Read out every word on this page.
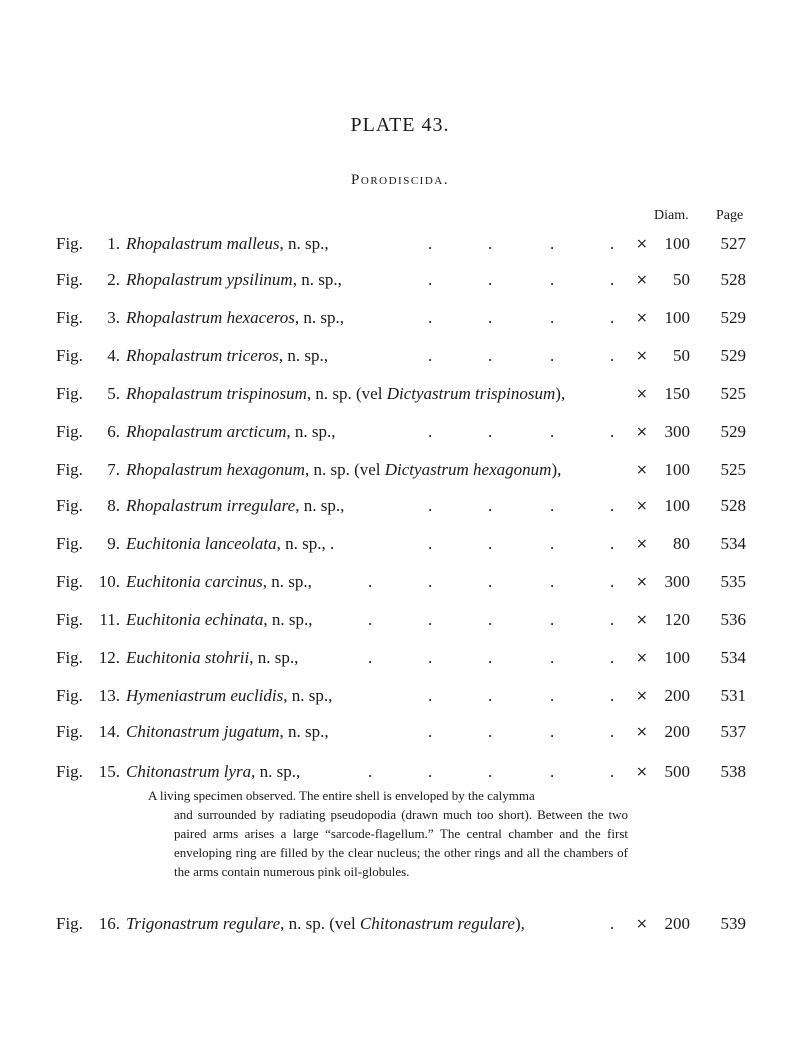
PLATE 43.
Porodiscida.
Diam. Page
Fig.	1. Rhopalastrum malleus, n. sp.,	.	.	.	. × 100	527
Fig.	2. Rhopalastrum ypsilinum, n. sp.,	.	.	.	. ×	50	528
Fig.	3. Rhopalastrum hexaceros, n. sp.,	.	.	.	. × 100	529
Fig.	4. Rhopalastrum triceros, n. sp.,	.	.	.	. ×	50	529
Fig.	5. Rhopalastrum trispinosum, n. sp. (vel Dictyastrum trispinosum),	× 150	525
Fig.	6. Rhopalastrum arcticum, n. sp.,	.	.	.	. × 300	529
Fig.	7. Rhopalastrum hexagonum, n. sp. (vel Dictyastrum hexagonum),	× 100	525
Fig.	8. Rhopalastrum irregulare, n. sp.,	.	.	.	. × 100	528
Fig.	9. Euchitonia lanceolata, n. sp., .	.	.	.	. ×	80	534
Fig. 10. Euchitonia carcinus, n. sp.,	.	.	.	.	. × 300	535
Fig. 11. Euchitonia echinata, n. sp.,	.	.	.	.	. × 120	536
Fig. 12. Euchitonia stohrii, n. sp.,	.	.	.	.	. × 100	534
Fig. 13. Hymeniastrum euclidis, n. sp.,	.	.	.	. × 200	531
Fig. 14. Chitonastrum jugatum, n. sp.,	.	.	.	. × 200	537
Fig. 15. Chitonastrum lyra, n. sp.,	.	.	.	.	. × 500	538
Fig. 16. Trigonastrum regulare, n. sp. (vel Chitonastrum regulare),	. × 200	539
A living specimen observed. The entire shell is enveloped by the calymma
and surrounded by radiating pseudopodia (drawn much too short). Between the two paired arms arises a large “sarcode-flagellum.” The central chamber and the first enveloping ring are filled by the clear nucleus; the other rings and all the chambers of the arms contain numerous pink oil-globules.
